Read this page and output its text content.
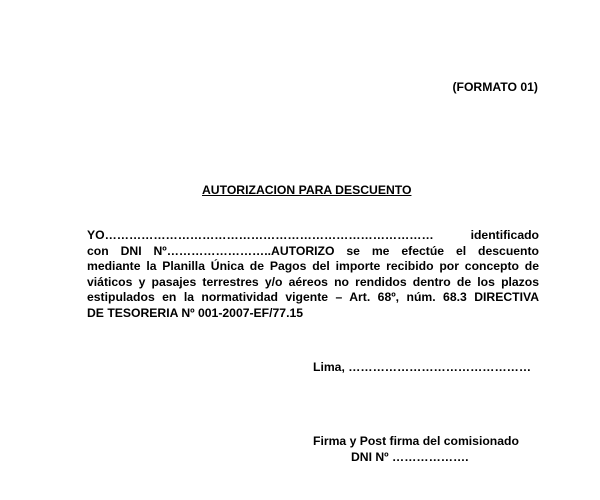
(FORMATO 01)
AUTORIZACION PARA DESCUENTO
YO……………………………………………………………………… identificado
con DNI Nº……………………..AUTORIZO se me efectúe el descuento
mediante la Planilla Única de Pagos del importe recibido por concepto de
viáticos y pasajes terrestres y/o aéreos no rendidos dentro de los plazos
estipulados en la normatividad vigente – Art. 68º, núm. 68.3 DIRECTIVA
DE TESORERIA Nº 001-2007-EF/77.15
Lima, ………………………………………
Firma y Post firma del comisionado
DNI Nº ……………….
